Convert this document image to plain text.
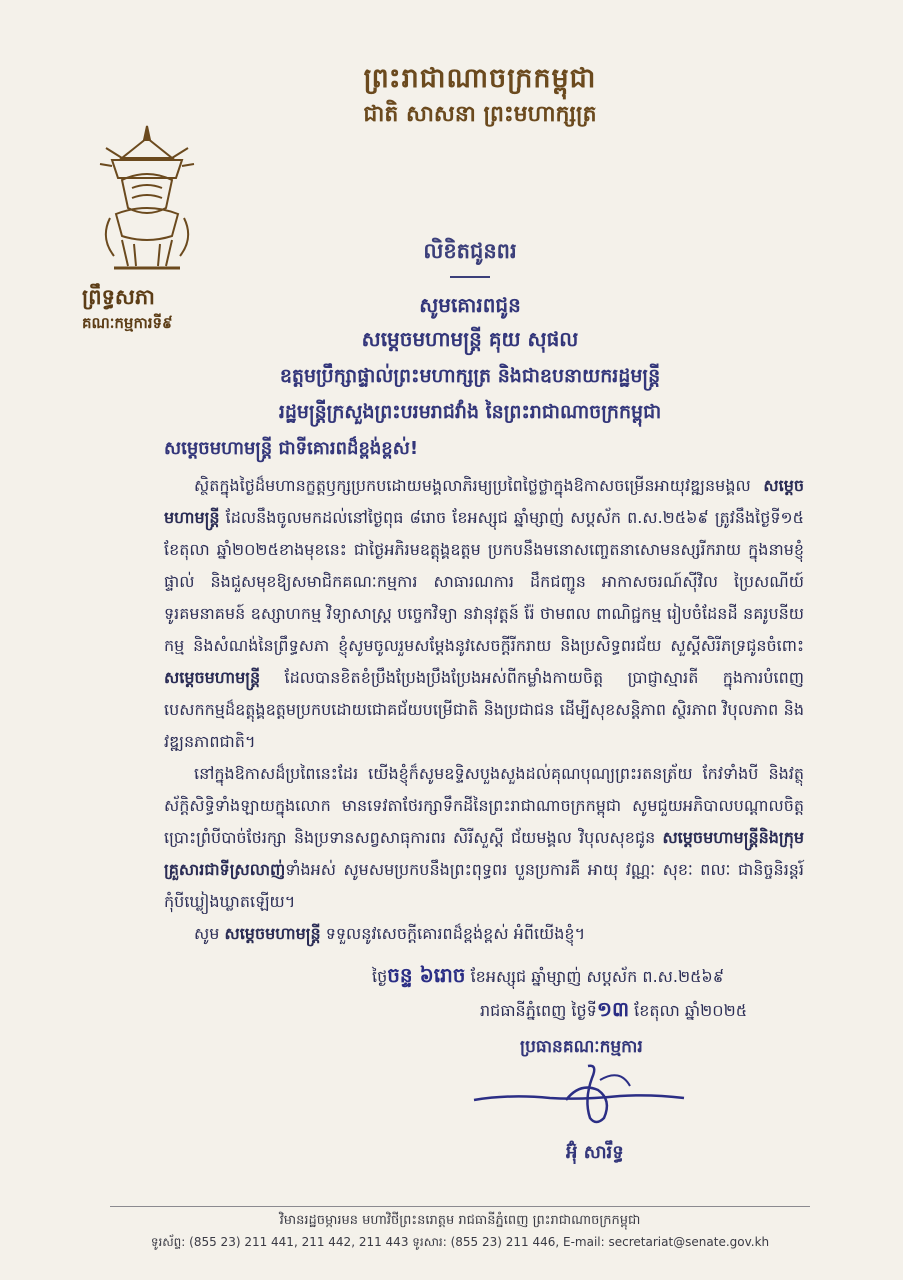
ព្រះរាជាណាចក្រកម្ពុជា
ជាតិ សាសនា ព្រះមហាក្សត្រ
ព្រឹទ្ធសភា
គណៈកម្មការទី៩
លិខិតជូនពរ
សូមគោរពជូន
សម្តេចមហាមន្ត្រី គុយ សុផល
ឧត្តមប្រឹក្សាផ្ទាល់ព្រះមហាក្សត្រ និងជាឧបនាយករដ្ឋមន្ត្រី
រដ្ឋមន្ត្រីក្រសួងព្រះបរមរាជវាំង នៃព្រះរាជាណាចក្រកម្ពុជា
សម្តេចមហាមន្ត្រី ជាទីគោរពដ៏ខ្ពង់ខ្ពស់!

ស្ថិតក្នុងថ្ងៃដ៏មហានក្ខត្តឫក្សប្រកបដោយមង្គលាភិរម្យប្រពៃថ្លៃថ្លាក្នុងឱកាសចម្រើនអាយុវឌ្ឍនមង្គល សម្តេចមហាមន្ត្រី ដែលនឹងចូលមកដល់នៅថ្ងៃពុធ ៨រោច ខែអស្សុជ ឆ្នាំម្សាញ់ សប្តស័ក ព.ស.២៥៦៩ ត្រូវនឹងថ្ងៃទី១៥ ខែតុលា ឆ្នាំ២០២៥ខាងមុខនេះ ជាថ្ងៃអភិរមឧត្តុង្គឧត្តម ប្រកបនឹងមនោសញ្ចេតនាសោមនស្សរីករាយ ក្នុងនាមខ្ញុំផ្ទាល់ និងជួសមុខឱ្យសមាជិកគណៈកម្មការ សាធារណការ ដឹកជញ្ជូន អាកាសចរណ៍ស៊ីវិល ប្រៃសណីយ៍ ទូរគមនាគមន៍ ឧស្សាហកម្ម វិទ្យាសាស្ត្រ បច្ចេកវិទ្យា នវានុវត្តន៍ រ៉ែ ថាមពល ពាណិជ្ជកម្ម រៀបចំដែនដី នគរូបនីយកម្ម និងសំណង់នៃព្រឹទ្ធសភា ខ្ញុំសូមចូលរួមសម្តែងនូវសេចក្តីរីករាយ និងប្រសិទ្ធពរជ័យ សួស្តីសិរីភទ្រជូនចំពោះ សម្តេចមហាមន្ត្រី ដែលបានខិតខំប្រឹងប្រែងប្រឹងប្រែងអស់ពីកម្លាំងកាយចិត្ត ប្រាជ្ញាស្មារតី ក្នុងការបំពេញបេសកកម្មដ៏ឧត្តុង្គឧត្តមប្រកបដោយជោគជ័យបម្រើជាតិ និងប្រជាជន ដើម្បីសុខសន្តិភាព ស្ថិរភាព វិបុលភាព និងវឌ្ឍនភាពជាតិ។

នៅក្នុងឱកាសដ៏ប្រពៃនេះដែរ យើងខ្ញុំក៏សូមឧទ្ទិសបួងសួងដល់គុណបុណ្យព្រះរតនត្រ័យ កែវទាំងបី និងវត្ថុស័ក្តិសិទ្ធិទាំងឡាយក្នុងលោក មានទេវតាថែរក្សាទឹកដីនៃព្រះរាជាណាចក្រកម្ពុជា សូមជួយអភិបាលបណ្ដាលចិត្តប្រោះព្រំបីបាច់ថែរក្សា និងប្រទានសព្វសាធុការពរ សិរីសួស្តី ជ័យមង្គល វិបុលសុខជូន សម្តេចមហាមន្ត្រីនិងក្រុមគ្រួសារជាទីស្រលាញ់ទាំងអស់ សូមសមប្រកបនឹងព្រះពុទ្ធពរ បួនប្រការគឺ អាយុ វណ្ណៈ សុខៈ ពលៈ ជានិច្ចនិរន្តរ៍កុំបីឃ្លៀងឃ្លាតឡើយ។

សូម សម្តេចមហាមន្ត្រី ទទួលនូវសេចក្តីគោរពដ៏ខ្ពង់ខ្ពស់ អំពីយើងខ្ញុំ។

ថ្ងៃចន្ទ ៦រោច ខែអស្សុជ ឆ្នាំម្សាញ់ សប្តស័ក ព.ស.២៥៦៩
រាជធានីភ្នំពេញ ថ្ងៃទី១៣ ខែតុលា ឆ្នាំ២០២៥
ប្រធានគណៈកម្មការ
អ៊ុំ សារឹទ្ធ
វិមានរដ្ឋចម្ការមន មហាវិថីព្រះនរោត្តម រាជធានីភ្នំពេញ ព្រះរាជាណាចក្រកម្ពុជា
ទូរស័ព្ទ: (855 23) 211 441, 211 442, 211 443 ទូរសារ: (855 23) 211 446, E-mail: secretariat@senate.gov.kh
